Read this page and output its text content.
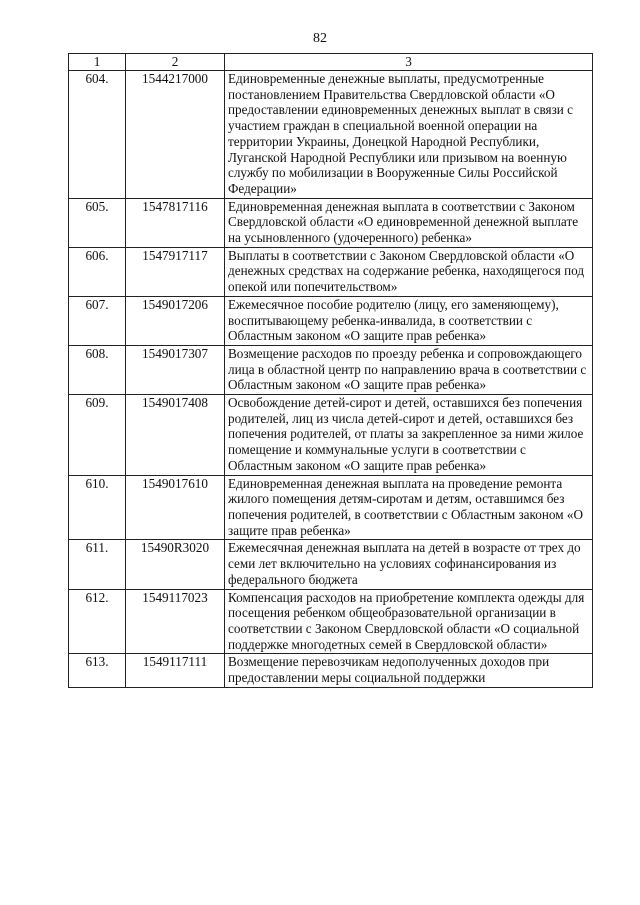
82
1	2	3
604.	1544217000	Единовременные денежные выплаты, предусмотренные постановлением Правительства Свердловской области «О предоставлении единовременных денежных выплат в связи с участием граждан в специальной военной операции на территории Украины, Донецкой Народной Республики, Луганской Народной Республики или призывом на военную службу по мобилизации в Вооруженные Силы Российской Федерации»
605.	1547817116	Единовременная денежная выплата в соответствии с Законом Свердловской области «О единовременной денежной выплате на усыновленного (удочеренного) ребенка»
606.	1547917117	Выплаты в соответствии с Законом Свердловской области «О денежных средствах на содержание ребенка, находящегося под опекой или попечительством»
607.	1549017206	Ежемесячное пособие родителю (лицу, его заменяющему), воспитывающему ребенка-инвалида, в соответствии с Областным законом «О защите прав ребенка»
608.	1549017307	Возмещение расходов по проезду ребенка и сопровождающего лица в областной центр по направлению врача в соответствии с Областным законом «О защите прав ребенка»
609.	1549017408	Освобождение детей-сирот и детей, оставшихся без попечения родителей, лиц из числа детей-сирот и детей, оставшихся без попечения родителей, от платы за закрепленное за ними жилое помещение и коммунальные услуги в соответствии с Областным законом «О защите прав ребенка»
610.	1549017610	Единовременная денежная выплата на проведение ремонта жилого помещения детям-сиротам и детям, оставшимся без попечения родителей, в соответствии с Областным законом «О защите прав ребенка»
611.	15490R3020	Ежемесячная денежная выплата на детей в возрасте от трех до семи лет включительно на условиях софинансирования из федерального бюджета
612.	1549117023	Компенсация расходов на приобретение комплекта одежды для посещения ребенком общеобразовательной организации в соответствии с Законом Свердловской области «О социальной поддержке многодетных семей в Свердловской области»
613.	1549117111	Возмещение перевозчикам недополученных доходов при предоставлении меры социальной поддержки
